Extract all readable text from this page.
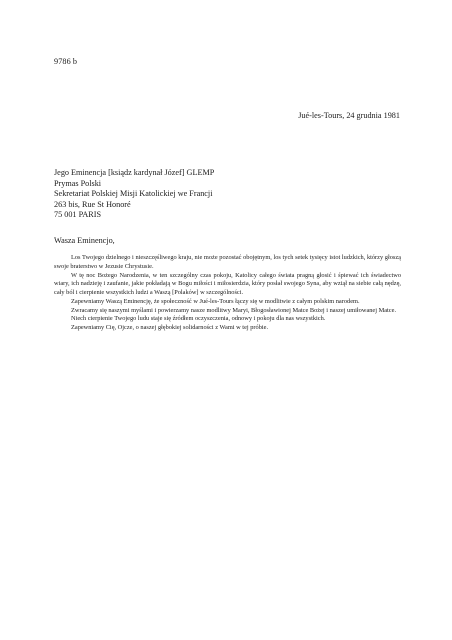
9786 b
Jué-les-Tours, 24 grudnia 1981
Jego Eminencja [ksiądz kardynał Józef] GLEMP
Prymas Polski
Sekretariat Polskiej Misji Katolickiej we Francji
263 bis, Rue St Honoré
75 001 PARIS
Wasza Eminencjo,

Los Twojego dzielnego i nieszczęśliwego kraju, nie może pozostać obojętnym, los tych setek tysięcy istot ludzkich, którzy głoszą swoje braterstwo w Jezusie Chrystusie.

W tę noc Bożego Narodzenia, w ten szczególny czas pokoju, Katolicy całego świata pragną głosić i śpiewać ich świadectwo wiary, ich nadzieję i zaufanie, jakie pokładają w Bogu miłości i miłosierdzia, który posłał swojego Syna, aby wziął na siebie całą nędzę, cały ból i cierpienie wszystkich ludzi a Waszą [Polaków] w szczególności.

Zapewniamy Waszą Eminencję, że społeczność w Jué-les-Tours łączy się w modlitwie z całym polskim narodem.

Zwracamy się naszymi myślami i powierzamy nasze modlitwy Maryi, Błogosławionej Matce Bożej i naszej umiłowanej Matce.

Niech cierpienie Twojego ludu staje się źródłem oczyszczenia, odnowy i pokoju dla nas wszystkich.

Zapewniamy Cię, Ojcze, o naszej głębokiej solidarności z Wami w tej próbie.
